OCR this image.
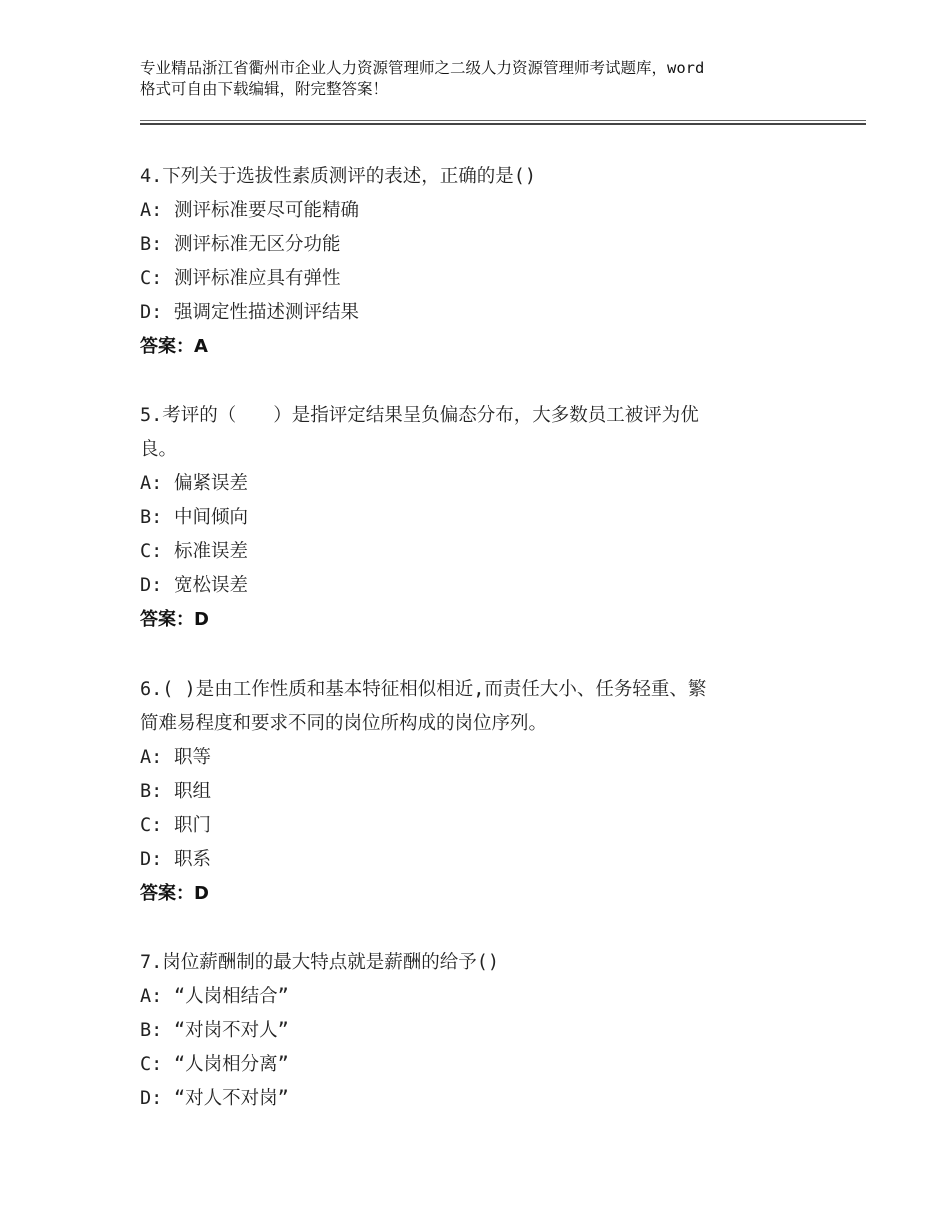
专业精品浙江省衢州市企业人力资源管理师之二级人力资源管理师考试题库，word
格式可自由下载编辑，附完整答案！
4.下列关于选拔性素质测评的表述，正确的是()
A: 测评标准要尽可能精确
B: 测评标准无区分功能
C: 测评标准应具有弹性
D: 强调定性描述测评结果
答案：A
5.考评的（　　）是指评定结果呈负偏态分布，大多数员工被评为优
良。
A: 偏紧误差
B: 中间倾向
C: 标准误差
D: 宽松误差
答案：D
6.( )是由工作性质和基本特征相似相近,而责任大小、任务轻重、繁
简难易程度和要求不同的岗位所构成的岗位序列。
A: 职等
B: 职组
C: 职门
D: 职系
答案：D
7.岗位薪酬制的最大特点就是薪酬的给予()
A: “人岗相结合”
B: “对岗不对人”
C: “人岗相分离”
D: “对人不对岗”
